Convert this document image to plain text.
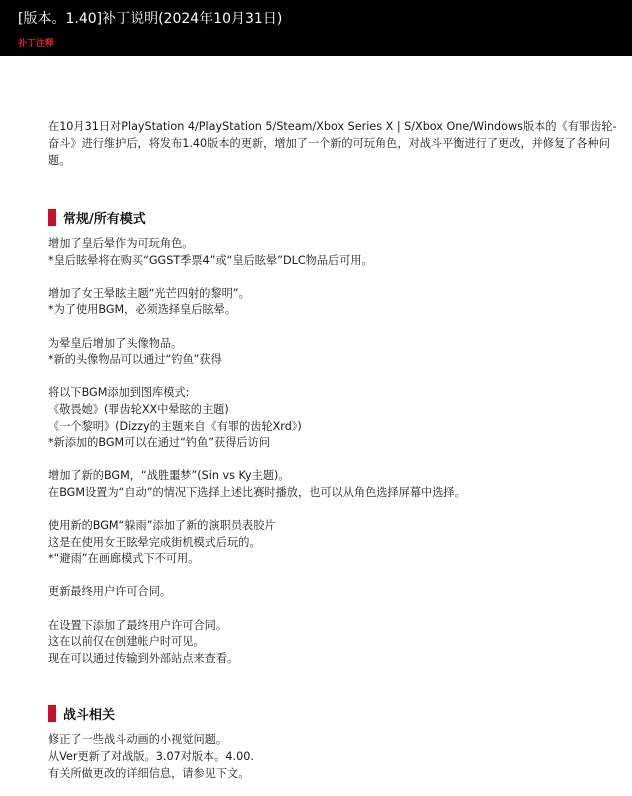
[版本。1.40]补丁说明(2024年10月31日)
补丁注释

在10月31日对PlayStation 4/PlayStation 5/Steam/Xbox Series X | S/Xbox One/Windows版本的《有罪齿轮-奋斗》进行维护后，将发布1.40版本的更新，增加了一个新的可玩角色，对战斗平衡进行了更改，并修复了各种问题。

常规/所有模式

增加了皇后晕作为可玩角色。

*皇后眩晕将在购买“GGST季票4”或“皇后眩晕”DLC物品后可用。

增加了女王晕眩主题“光芒四射的黎明”。

*为了使用BGM，必须选择皇后眩晕。

为晕皇后增加了头像物品。

*新的头像物品可以通过“钓鱼”获得

将以下BGM添加到图库模式:

《敬畏她》(罪齿轮XX中晕眩的主题)

《一个黎明》(Dizzy的主题来自《有罪的齿轮Xrd》)

*新添加的BGM可以在通过“钓鱼”获得后访问

增加了新的BGM，“战胜噩梦”(Sin vs Ky主题)。

在BGM设置为“自动”的情况下选择上述比赛时播放，也可以从角色选择屏幕中选择。

使用新的BGM“躲雨”添加了新的演职员表胶片

这是在使用女王眩晕完成街机模式后玩的。

*“避雨”在画廊模式下不可用。

更新最终用户许可合同。

在设置下添加了最终用户许可合同。

这在以前仅在创建帐户时可见。

现在可以通过传输到外部站点来查看。

战斗相关

修正了一些战斗动画的小视觉问题。

从Ver更新了对战版。3.07对版本。4.00.

有关所做更改的详细信息，请参见下文。
